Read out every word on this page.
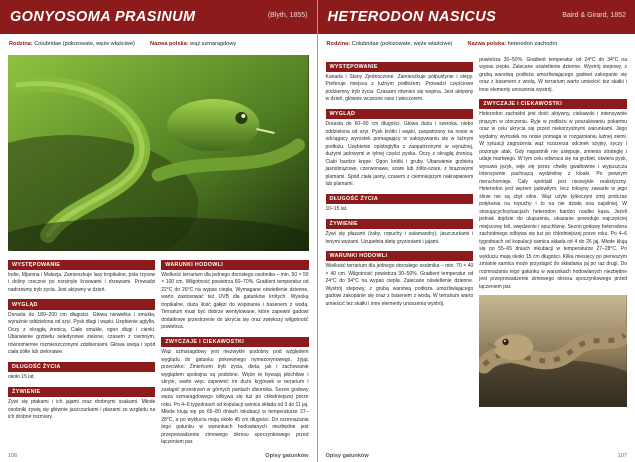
GONYOSOMA PRASINUM	(Blyth, 1855)
Rodzina: Colubridae (połozowate, węże właściwe)	Nazwa polska: wąż szmaragdowy
WYSTĘPOWANIE

Indie, Mjanma i Malezja. Zamieszkuje lasy tropikalne, poła rzysow i doliny rzeczne po rozsinyle krzewami i drzewami. Prowadzi nadrzewny tryb życia. Jest aktywny w dzień.

WYGLĄD

Dorasta do 180–200 cm długości. Głowa niewielka i smukła, wyraźnie oddzielona od szyi. Pysk długi i wąski. Uzębienie aglyfia. Oczy z okrągłą źrenicą. Ciało smukłe, ogon długi i cienki. Ubarwienie grzbietu seledynowe zielone, czasem z ciemnym, równomiernie rozmieszczonymi zdobieniami. Głowa swoja i spód ciała żółte lub zielonawe.

DŁUGOŚĆ ŻYCIA

około 15 lat.

ŻYWIENIE

Żywi się ptakami i ich jajami oraz drobnymi ssakami. Młode osobniki żywią się głównie jaszczurkami i płazami ze względu na ich drobne rozmiary.

WARUNKI HODOWLI

Wielkość terrarium dla jednego dorosłego osobnika – min. 50 × 50 × 100 cm. Wilgotność powietrza 60–70%. Gradient temperatur od 22°C do 26°C na wypas ciepła. Wymagane oświetlenie dzienne, warto zastosować też UVB dla gatunków krótych. Wysoką tropikalne, duża ilość gałęzi do wspinania i basenem z wodą. Terrarium musi być dobrze wentylowane, które zapewni gadowi dodatkowe przestrzenie do ukrycia się oraz zwiększy wilgotność powietrza.

ZWYCZAJE I CIEKAWOSTKI

Wąż szmaragdowy jest niezwykle podobny pod względem wyglądu do gatunku pokrewnego nymezorynowego, żyjąc przeciwko: Żmieńcem tryb życia, dieta, jak i zachowanie wyglądem spokojna są podobne. Węże te bywają płochliwe i skryte, warto więc zapewnić im dużo kryjówek w terrarium i zastąpić przestrzeń w górnych partiach zbiornika. Sezon godowy węża szmaragdowego odbywa się tuż po chłodniejszej porze roku. Po 4–6 tygodniach od kopulacji samica składa od 3 do 11 jaj. Młode klują się po 65–80 dniach inkubacji w temperaturze 27–28°C, a po wykluciu mają około 45 cm długości. Do rozmnażania tego gatunku w warunkach hodowlanych niezbędne jest przeprowadzenie zimowego okresu spoczynkowego przed łączeniem par.

106	Opisy gatunków
HETERODON NASICUS	Baird & Girard, 1852
Rodzina: Colubridae (połozowate, węże właściwe)	Nazwa polska: heterodon zachodni
WYSTĘPOWANIE

Kanada i Stany Zjednoczone. Zamieszkuje półpustynie i stepy. Preferuje miejsca z luźnym podłożem. Prowadzi częściowo podziemny tryb życia. Czasami również się wspina. Jest aktywny w dzień, głównie wczesne rano i wieczorem.

WYGLĄD

Dorasta do 60–90 cm długości. Głowa duża i szeroka, niebo oddzielona od szyi. Pysk krótki i wąski, zaopatrzony na nosie w odciągacy wyrostek pomagający w zakopywaniu się w luźnym podłożu. Uzębienie opistoglyfia z zaopatrzonymi w wyraźnej, dużymi jadowymi w tylnej części pyska. Oczy z okrągłą źrenicą. Ciało bardzo krępe. Ogon krótki i gruby. Ubarwienie grzbietu jasnobrązowe, czerwonawe, szare lub żółto-szare, z brązowymi plamami. Spód ciała jasny, czasem z ciemniejszym nakrapianiem lub plamami.

DŁUGOŚĆ ŻYCIA

10–15 lat.

ŻYWIENIE

Żywi się płazami (żaby, ropuchy i salamandry), jaszczurkami i innymi wężami. Uzupełnia dietę gryzoniami i jajami.

WARUNKI HODOWLI

Wielkość terrarium dla jednego dorosłego osobnika – min. 70 × 40 × 40 cm. Wilgotność powietrza 30–50%. Gradient temperatur od 24°C do 34°C na wypas ciepła. Zalecane oświetlenie dzienne. Wystrój stepowy, z grubą warstwą podłoża umożliwiającego gadowi zakopanie się oraz z basenem z wodą. W terrarium warto umieścić też skałki i inne elementy unoszenia wystrój.

powietrza 30–50%. Gradient temperatur od 24°C do 34°C na wypas ciepła. Zalecane oświetlenie dzienne. Wystrój stepowy, z grubą warstwą podłoża umożliwiającego gadowi zakopanie się oraz z basenem z wodą. W terrarium warto umieścić też skałki i inne elementy unoszenia wystrój.

ZWYCZAJE I CIEKAWOSTKI

Heterodon zachodni jest dość aktywny, ciekawski i intensywnie pnącym w otoczeniu. Ryje w podłożu w poszukiwaniu pokarmu oraz w celu ukrycia się przed niekorzystnymi warunkami. Jego wydatny wyrostek na nosie pomaga w rozgarnianiu luźnej ziemi. W sytuacji zagrożenia wąż rozszerza odcinek szyjny, syczy i pozoruje atak. Gdy napastnik nie ustępuje, zmienia strategię i udaje martwego. W tym celu odwraca się na grzbiet, otwiera pysk, wysuwa język, wije się przez chwilę gwałtownie i wypuszcza intensywnie pachnącą wydzielinę z kloaki. Po pewnym nieruchomieje. Cały spektakl jest niezwykle realistyczny. Heterodon jest wężem jadowitym, lecz toksyny zawarte w jego ślinie nie są zbyt silne. Wąż użyte tylkoczyni żmij podczas połykania na ropuchy i to na nie działa ona najsilniej. W stosującychsytuacjach heterodon bardzo rzadko kąsa. Jeżeli jednak dojdzie do ukąszenia, ukazanie powoduje najczęściej miejscowy ból, swędzenie i opuchliznę. Sezon godowy heterodona zachodniego odbywa się tuż po chłodniejszej porze roku. Po 4–6 tygodniach od kopulacji samica składa od 4 do 26 jaj. Młode klują się po 55–65 dniach inkubacji w temperaturze 27–28°C. Po wykluciu mają około 15 cm długości. Kilka miesięcy po pierwszym zmianie samica może przystąpić do składania jaj po raz drugi. Do rozmnażania tego gatunku w warunkach hodowlanych niezbędne jest przeprowadzenie zimowego okresu spoczynkowego przed łączeniem par.

Opisy gatunków	107
